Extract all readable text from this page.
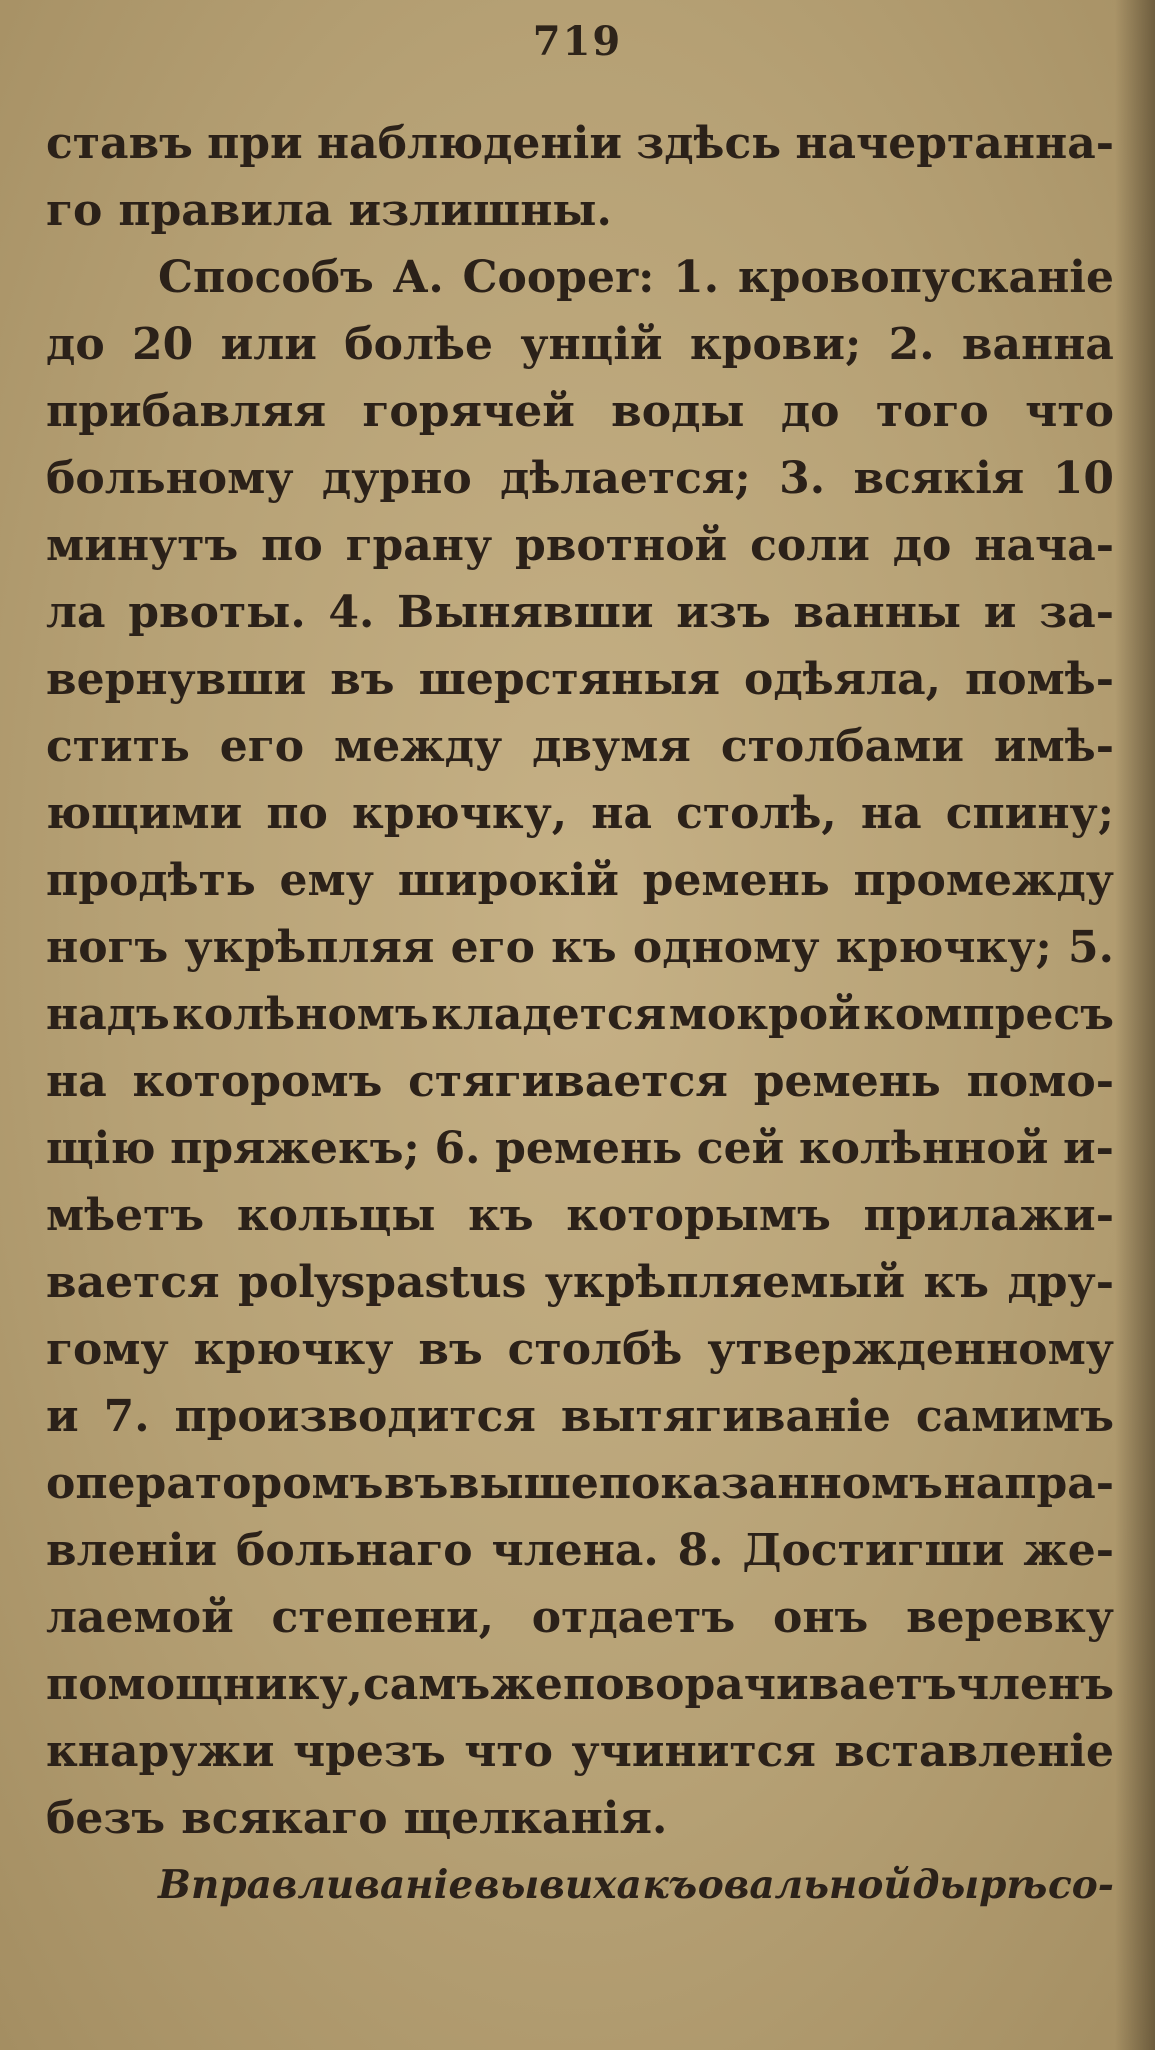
719
ставъ при наблюденіи здѣсь начертанна-
го правила излишны.
Способъ А. Cooper: 1. кровопусканіе
до 20 или болѣе унцій крови; 2. ванна
прибавляя горячей воды до того что
больному дурно дѣлается; 3. всякія 10
минутъ по грану рвотной соли до нача-
ла рвоты. 4. Вынявши изъ ванны и за-
вернувши въ шерстяныя одѣяла, помѣ-
стить его между двумя столбами имѣ-
ющими по крючку, на столѣ, на спину;
продѣть ему широкій ремень промежду
ногъ укрѣпляя его къ одному крючку; 5.
надъ колѣномъ кладется мокрой компресъ
на которомъ стягивается ремень помо-
щію пряжекъ; 6. ремень сей колѣнной и-
мѣетъ кольцы къ которымъ прилажи-
вается polyspastus укрѣпляемый къ дру-
гому крючку въ столбѣ утвержденному
и 7. производится вытягиваніе самимъ
операторомъ въ вышепоказанномъ напра-
вленіи больнаго члена. 8. Достигши же-
лаемой степени, отдаетъ онъ веревку
помощнику, самъ же поворачиваетъ членъ
кнаружи чрезъ что учинится вставленіе
безъ всякаго щелканія.
Вправливаніе вывиха къ овальной дырѣ со-
